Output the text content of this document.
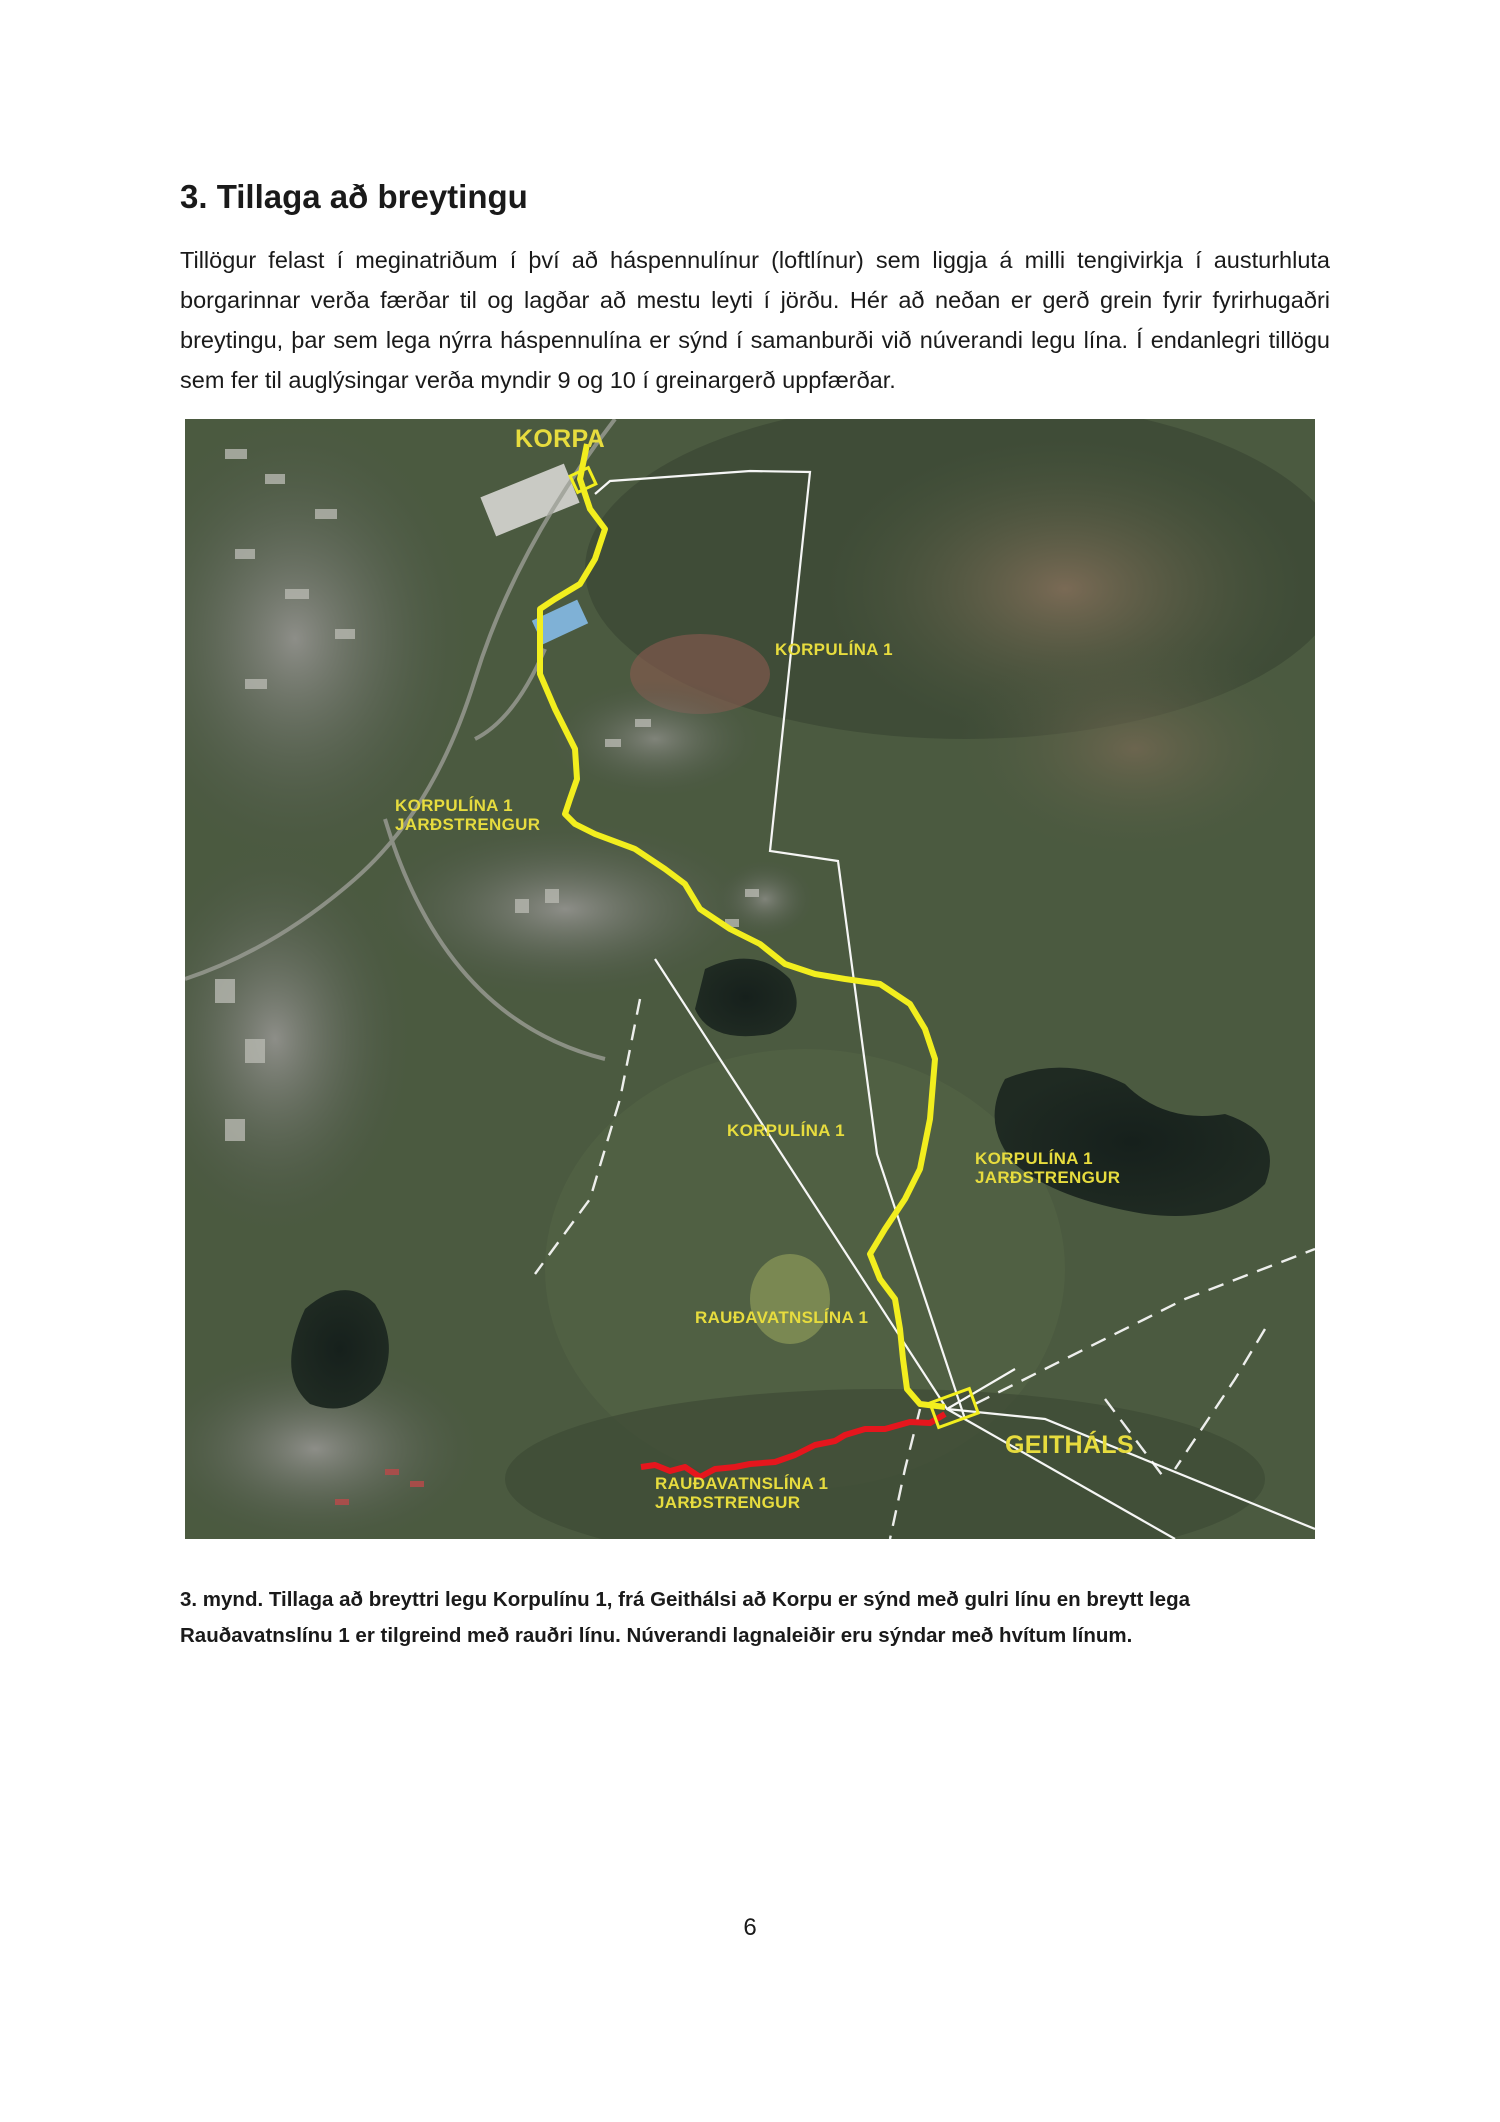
3. Tillaga að breytingu

Tillögur felast í meginatriðum í því að háspennulínur (loftlínur) sem liggja á milli tengivirkja í austurhluta borgarinnar verða færðar til og lagðar að mestu leyti í jörðu. Hér að neðan er gerð grein fyrir fyrirhugaðri breytingu, þar sem lega nýrra háspennulína er sýnd í samanburði við núverandi legu lína. Í endanlegri tillögu sem fer til auglýsingar verða myndir 9 og 10 í greinargerð uppfærðar.

KORPA
KORPULÍNA 1
KORPULÍNA 1
JARÐSTRENGUR
KORPULÍNA 1
KORPULÍNA 1
JARÐSTRENGUR
RAUÐAVATNSLÍNA 1
GEITHÁLS
RAUÐAVATNSLÍNA 1
JARÐSTRENGUR

3. mynd. Tillaga að breyttri legu Korpulínu 1, frá Geithálsi að Korpu er sýnd með gulri línu en breytt lega Rauðavatnslínu 1 er tilgreind með rauðri línu. Núverandi lagnaleiðir eru sýndar með hvítum línum.

6
